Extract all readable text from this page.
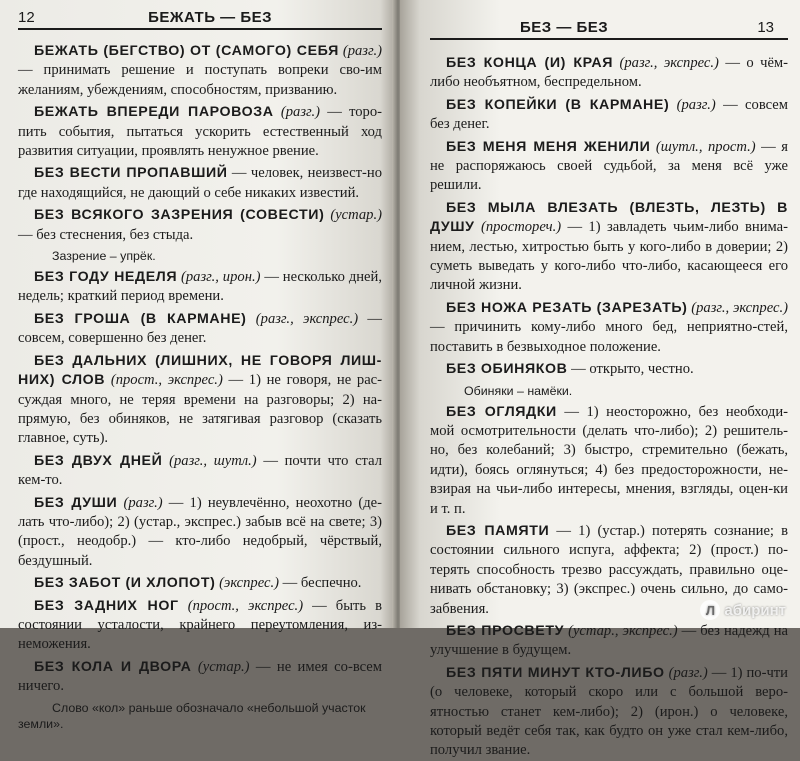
12	БЕЖАТЬ — БЕЗ

БЕЖАТЬ (БЕГСТВО) ОТ (САМОГО) СЕБЯ (разг.) — принимать решение и поступать вопреки сво-им желаниям, убеждениям, способностям, призванию.

БЕЖАТЬ ВПЕРЕДИ ПАРОВОЗА (разг.) — торо-пить события, пытаться ускорить естественный ход развития ситуации, проявлять ненужное рвение.

БЕЗ ВЕСТИ ПРОПАВШИЙ — человек, неизвест-но где находящийся, не дающий о себе никаких известий.

БЕЗ ВСЯКОГО ЗАЗРЕНИЯ (СОВЕСТИ) (устар.) — без стеснения, без стыда.

Зазрение – упрёк.

БЕЗ ГОДУ НЕДЕЛЯ (разг., ирон.) — несколько дней, недель; краткий период времени.

БЕЗ ГРОША (В КАРМАНЕ) (разг., экспрес.) — совсем, совершенно без денег.

БЕЗ ДАЛЬНИХ (ЛИШНИХ, НЕ ГОВОРЯ ЛИШ-НИХ) СЛОВ (прост., экспрес.) — 1) не говоря, не рас-суждая много, не теряя времени на разговоры; 2) на-прямую, без обиняков, не затягивая разговор (сказать главное, суть).

БЕЗ ДВУХ ДНЕЙ (разг., шутл.) — почти что стал кем-то.

БЕЗ ДУШИ (разг.) — 1) неувлечённо, неохотно (де-лать что-либо); 2) (устар., экспрес.) забыв всё на свете; 3) (прост., неодобр.) — кто-либо недобрый, чёрствый, бездушный.

БЕЗ ЗАБОТ (И ХЛОПОТ) (экспрес.) — беспечно.

БЕЗ ЗАДНИХ НОГ (прост., экспрес.) — быть в состоянии усталости, крайнего переутомления, из-неможения.

БЕЗ КОЛА И ДВОРА (устар.) — не имея со-всем ничего.

Слово «кол» раньше обозначало «небольшой участок земли».

БЕЗ — БЕЗ	13

БЕЗ КОНЦА (И) КРАЯ (разг., экспрес.) — о чём-либо необъятном, беспредельном.

БЕЗ КОПЕЙКИ (В КАРМАНЕ) (разг.) — совсем без денег.

БЕЗ МЕНЯ МЕНЯ ЖЕНИЛИ (шутл., прост.) — я не распоряжаюсь своей судьбой, за меня всё уже решили.

БЕЗ МЫЛА ВЛЕЗАТЬ (ВЛЕЗТЬ, ЛЕЗТЬ) В ДУШУ (простореч.) — 1) завладеть чьим-либо внима-нием, лестью, хитростью быть у кого-либо в доверии; 2) суметь выведать у кого-либо что-либо, касающееся его личной жизни.

БЕЗ НОЖА РЕЗАТЬ (ЗАРЕЗАТЬ) (разг., экспрес.) — причинить кому-либо много бед, неприятно-стей, поставить в безвыходное положение.

БЕЗ ОБИНЯКОВ — открыто, честно.

Обиняки – намёки.

БЕЗ ОГЛЯДКИ — 1) неосторожно, без необходи-мой осмотрительности (делать что-либо); 2) решитель-но, без колебаний; 3) быстро, стремительно (бежать, идти), боясь оглянуться; 4) без предосторожности, не-взирая на чьи-либо интересы, мнения, взгляды, оцен-ки и т. п.

БЕЗ ПАМЯТИ — 1) (устар.) потерять сознание; в состоянии сильного испуга, аффекта; 2) (прост.) по-терять способность трезво рассуждать, правильно оце-нивать обстановку; 3) (экспрес.) очень сильно, до само-забвения.

БЕЗ ПРОСВЕТУ (устар., экспрес.) — без надежд на улучшение в будущем.

БЕЗ ПЯТИ МИНУТ КТО-ЛИБО (разг.) — 1) по-чти (о человеке, который скоро или с большой веро-ятностью станет кем-либо); 2) (ирон.) о человеке, который ведёт себя так, как будто он уже стал кем-либо, получил звание.

Л абиринт
